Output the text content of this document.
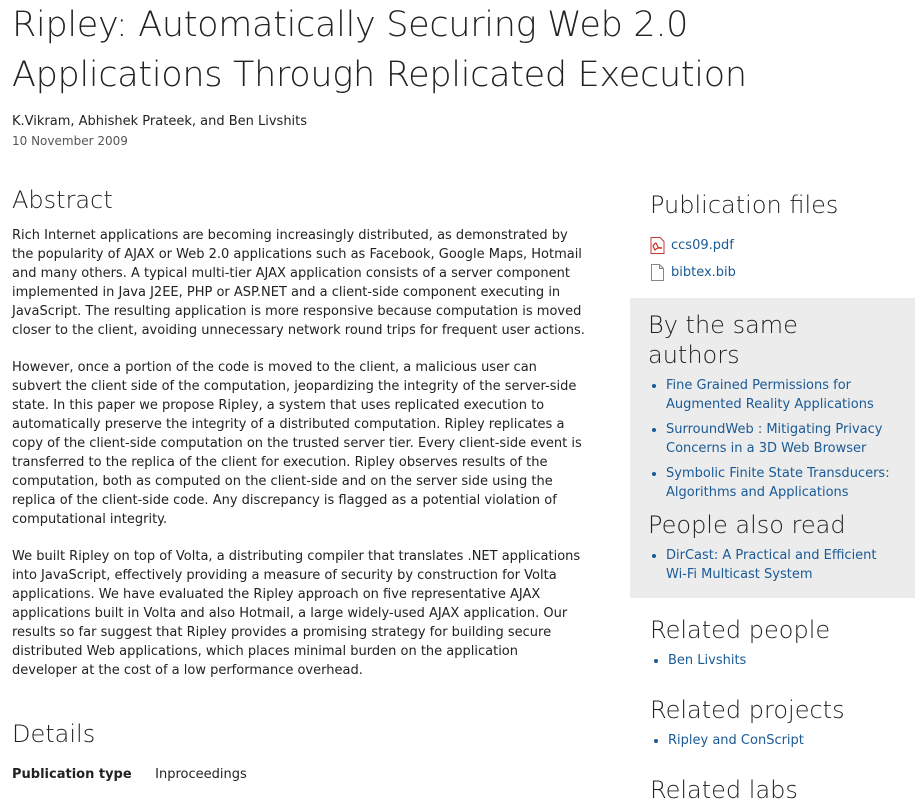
Ripley: Automatically Securing Web 2.0 Applications Through Replicated Execution
K.Vikram, Abhishek Prateek, and Ben Livshits
10 November 2009
Abstract

Rich Internet applications are becoming increasingly distributed, as demonstrated by the popularity of AJAX or Web 2.0 applications such as Facebook, Google Maps, Hotmail and many others. A typical multi-tier AJAX application consists of a server component implemented in Java J2EE, PHP or ASP.NET and a client-side component executing in JavaScript. The resulting application is more responsive because computation is moved closer to the client, avoiding unnecessary network round trips for frequent user actions.

However, once a portion of the code is moved to the client, a malicious user can subvert the client side of the computation, jeopardizing the integrity of the server-side state. In this paper we propose Ripley, a system that uses replicated execution to automatically preserve the integrity of a distributed computation. Ripley replicates a copy of the client-side computation on the trusted server tier. Every client-side event is transferred to the replica of the client for execution. Ripley observes results of the computation, both as computed on the client-side and on the server side using the replica of the client-side code. Any discrepancy is flagged as a potential violation of computational integrity.

We built Ripley on top of Volta, a distributing compiler that translates .NET applications into JavaScript, effectively providing a measure of security by construction for Volta applications. We have evaluated the Ripley approach on five representative AJAX applications built in Volta and also Hotmail, a large widely-used AJAX application. Our results so far suggest that Ripley provides a promising strategy for building secure distributed Web applications, which places minimal burden on the application developer at the cost of a low performance overhead.

Details
Publication type Inproceedings
Publication files
ccs09.pdf
bibtex.bib
By the same authors
• Fine Grained Permissions for Augmented Reality Applications
• SurroundWeb : Mitigating Privacy Concerns in a 3D Web Browser
• Symbolic Finite State Transducers: Algorithms and Applications
People also read
• DirCast: A Practical and Efficient Wi-Fi Multicast System
Related people
• Ben Livshits
Related projects
• Ripley and ConScript
Related labs
